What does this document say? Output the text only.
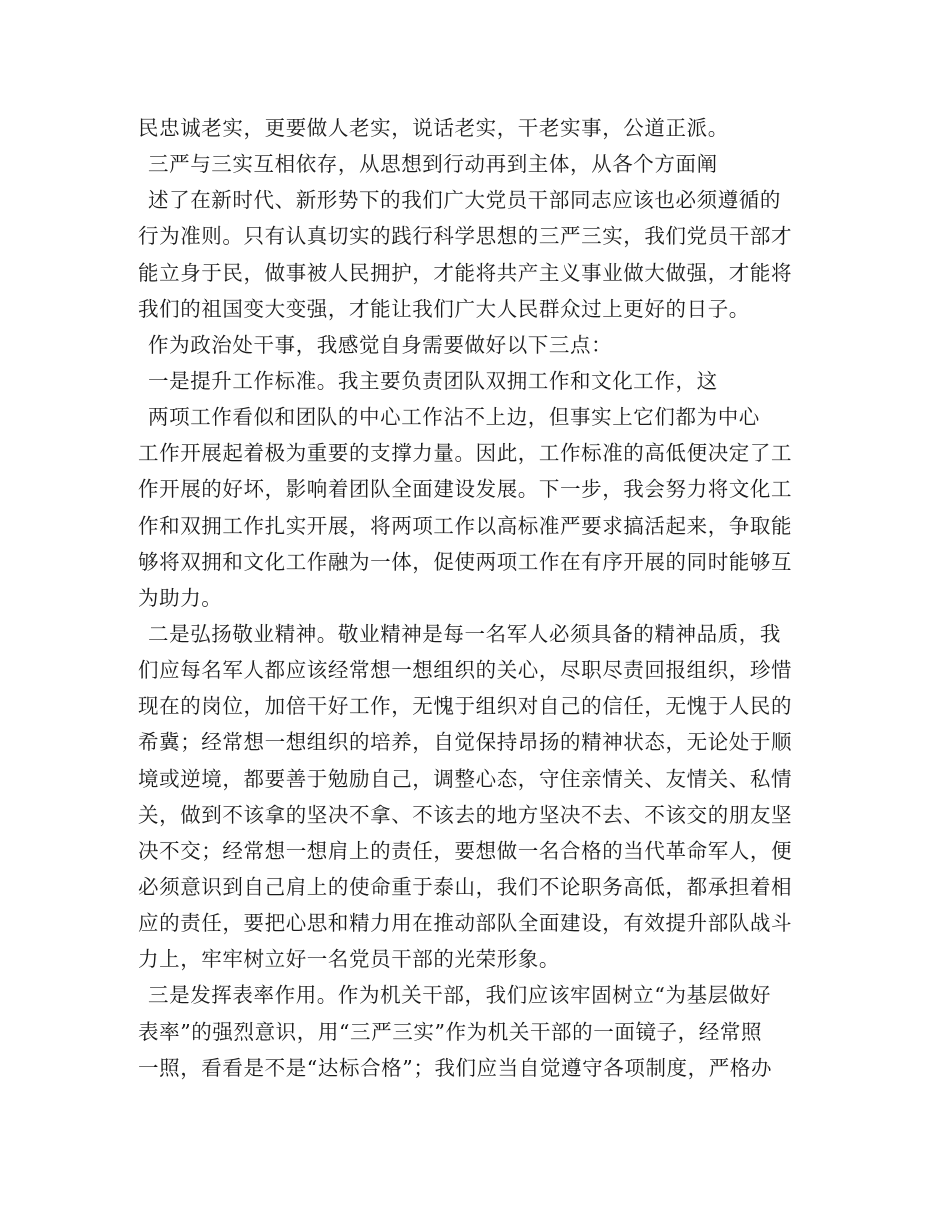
民忠诚老实，更要做人老实，说话老实，干老实事，公道正派。
三严与三实互相依存，从思想到行动再到主体，从各个方面阐
述了在新时代、新形势下的我们广大党员干部同志应该也必须遵循的
行为准则。只有认真切实的践行科学思想的三严三实，我们党员干部才
能立身于民，做事被人民拥护，才能将共产主义事业做大做强，才能将
我们的祖国变大变强，才能让我们广大人民群众过上更好的日子。
作为政治处干事，我感觉自身需要做好以下三点：
一是提升工作标准。我主要负责团队双拥工作和文化工作，这
两项工作看似和团队的中心工作沾不上边，但事实上它们都为中心
工作开展起着极为重要的支撑力量。因此，工作标准的高低便决定了工
作开展的好坏，影响着团队全面建设发展。下一步，我会努力将文化工
作和双拥工作扎实开展，将两项工作以高标准严要求搞活起来，争取能
够将双拥和文化工作融为一体，促使两项工作在有序开展的同时能够互
为助力。
二是弘扬敬业精神。敬业精神是每一名军人必须具备的精神品质，我
们应每名军人都应该经常想一想组织的关心，尽职尽责回报组织，珍惜
现在的岗位，加倍干好工作，无愧于组织对自己的信任，无愧于人民的
希冀；经常想一想组织的培养，自觉保持昂扬的精神状态，无论处于顺
境或逆境，都要善于勉励自己，调整心态，守住亲情关、友情关、私情
关，做到不该拿的坚决不拿、不该去的地方坚决不去、不该交的朋友坚
决不交；经常想一想肩上的责任，要想做一名合格的当代革命军人，便
必须意识到自己肩上的使命重于泰山，我们不论职务高低，都承担着相
应的责任，要把心思和精力用在推动部队全面建设，有效提升部队战斗
力上，牢牢树立好一名党员干部的光荣形象。
三是发挥表率作用。作为机关干部，我们应该牢固树立“为基层做好
表率”的强烈意识，用“三严三实”作为机关干部的一面镜子，经常照
一照，看看是不是“达标合格”；我们应当自觉遵守各项制度，严格办
